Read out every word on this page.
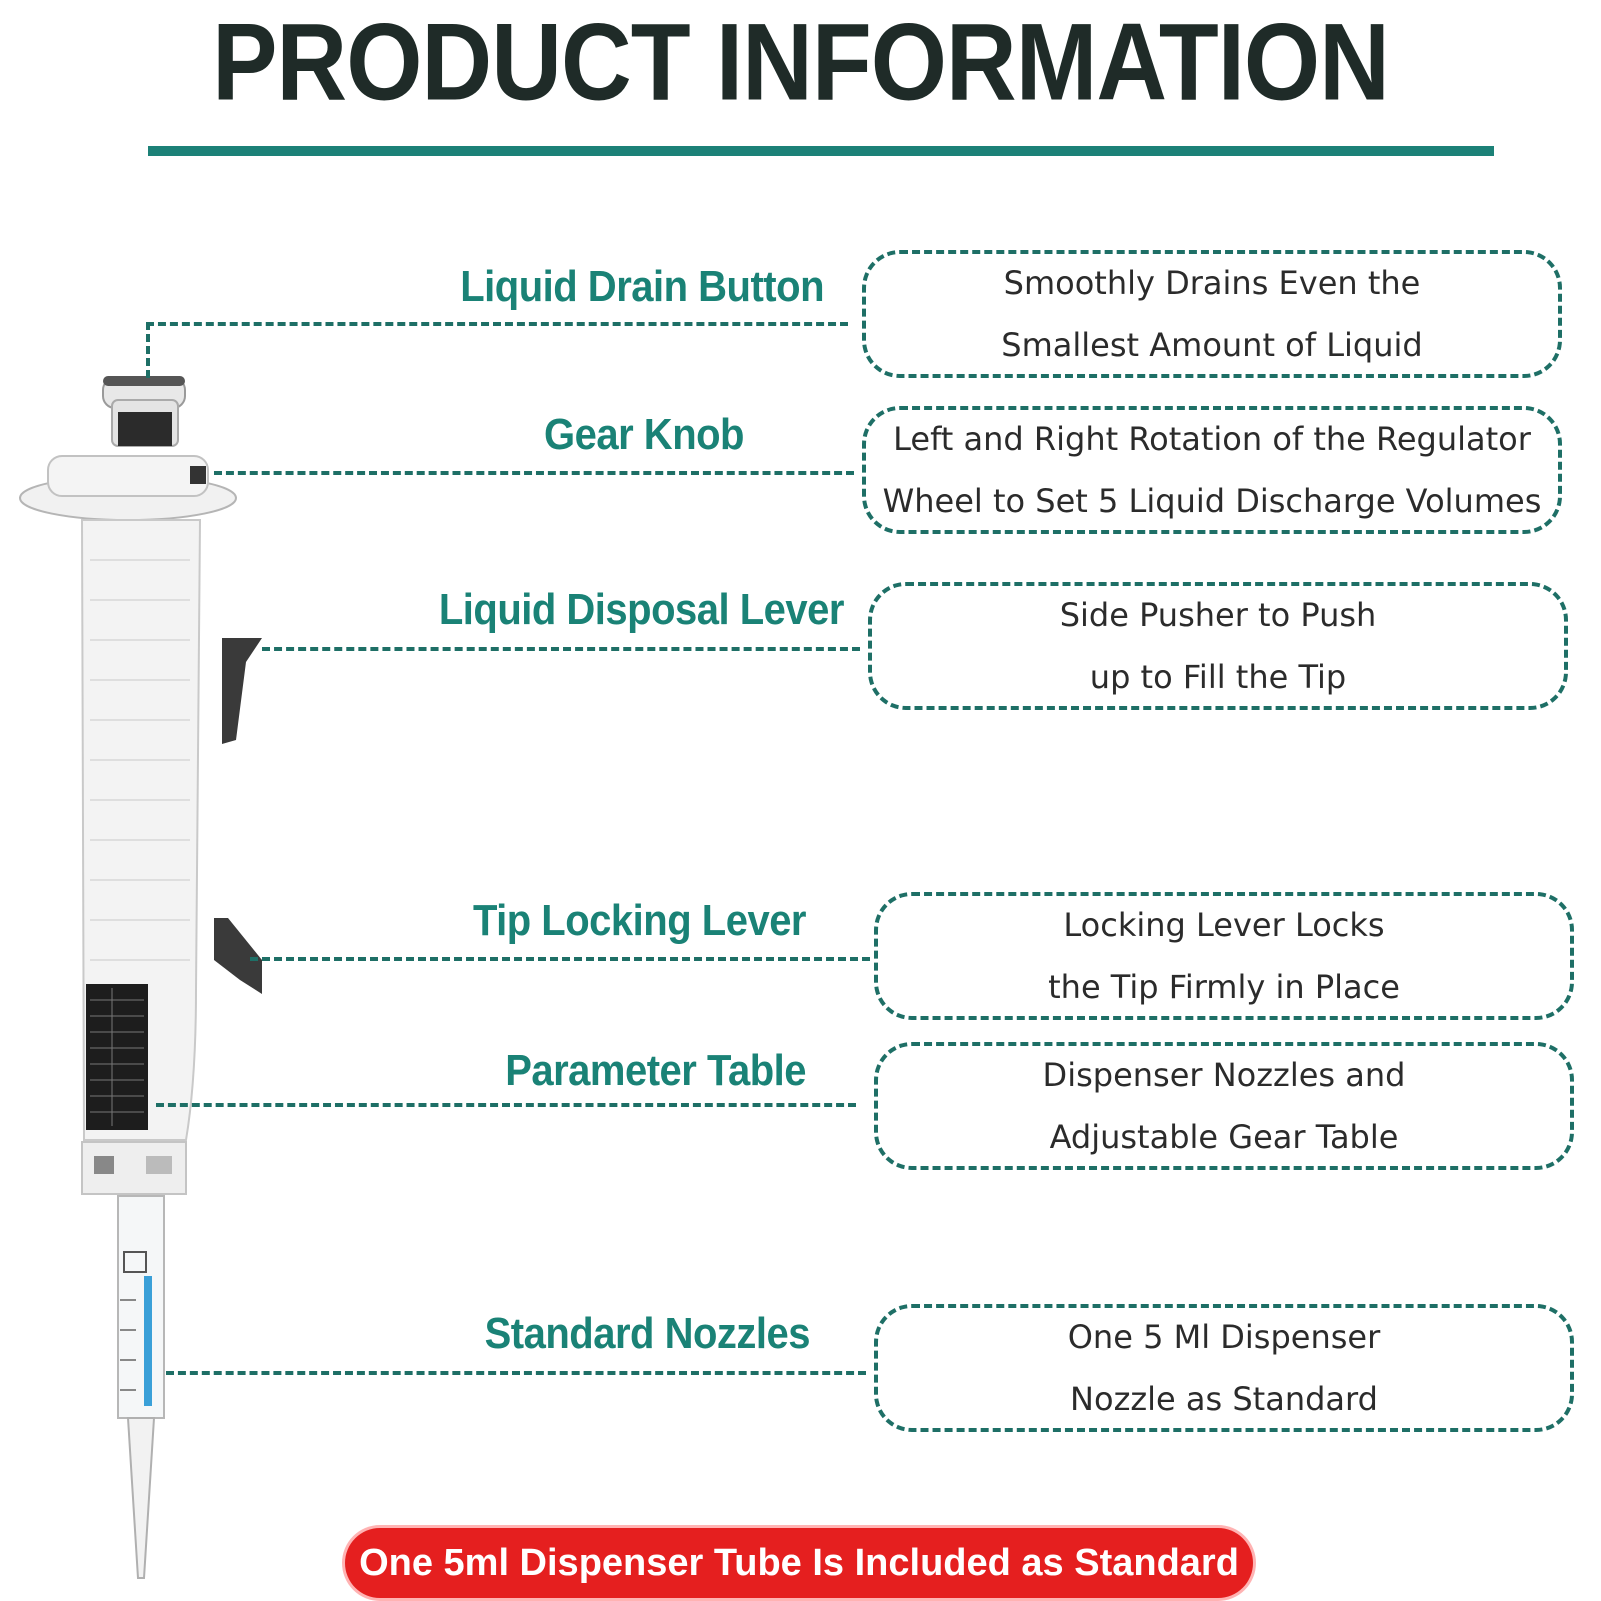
PRODUCT INFORMATION
Liquid Drain Button
Gear Knob
Liquid Disposal Lever
Tip Locking Lever
Parameter Table
Standard Nozzles
Smoothly Drains Even the
Smallest Amount of Liquid
Left and Right Rotation of the Regulator
Wheel to Set 5 Liquid Discharge Volumes
Side Pusher to Push
up to Fill the Tip
Locking Lever Locks
the Tip Firmly in Place
Dispenser Nozzles and
Adjustable Gear Table
One 5 Ml Dispenser
Nozzle as Standard
One 5ml Dispenser Tube Is Included as Standard
